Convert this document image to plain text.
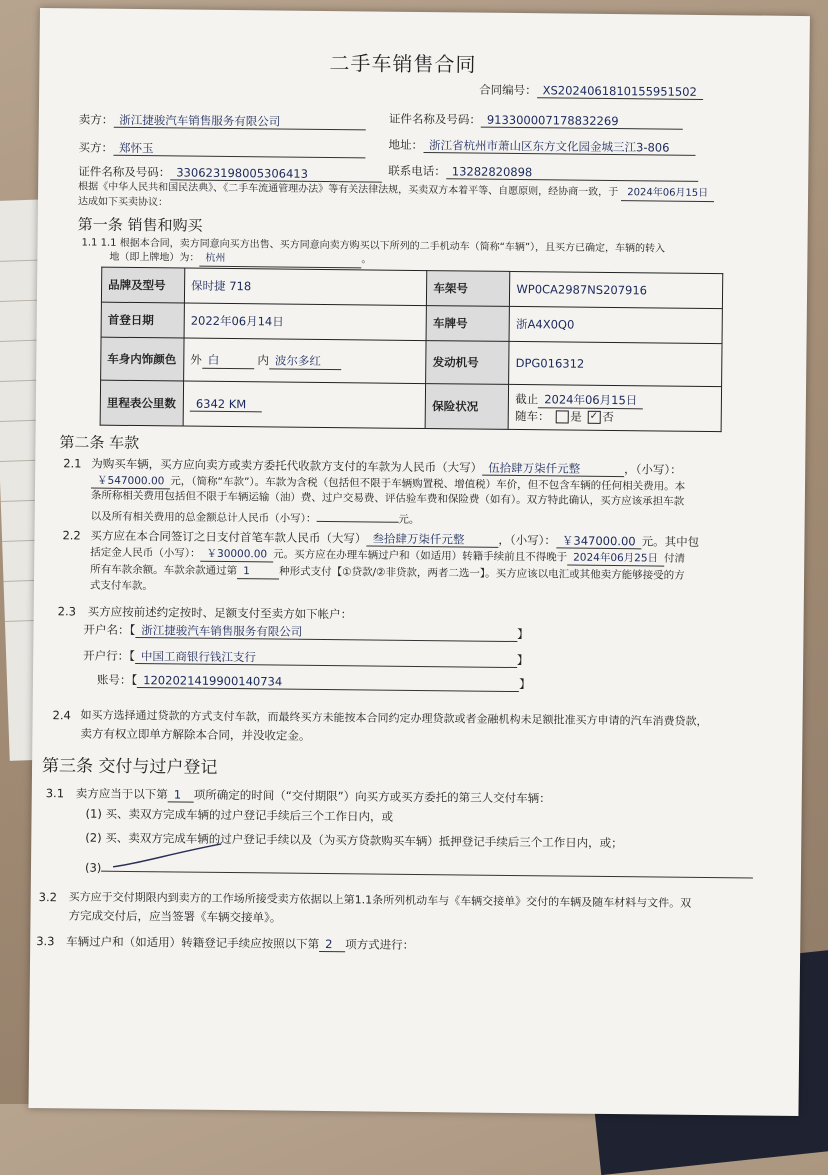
二手车销售合同
合同编号： XS2024061810155951502
卖方： 浙江捷骏汽车销售服务有限公司	证件名称及号码： 913300007178832269
买方： 郑怀玉	地址： 浙江省杭州市萧山区东方文化园金城三江3-806
证件名称及号码： 330623198005306413	联系电话： 13282820898
根据《中华人民共和国民法典》、《二手车流通管理办法》等有关法律法规，买卖双方本着平等、自愿原则，经协商一致，于 2024年06月15日
达成如下买卖协议：
第一条 销售和购买
1.1 1.1 根据本合同，卖方同意向买方出售、买方同意向卖方购买以下所列的二手机动车（简称“车辆”），且买方已确定，车辆的转入
地（即上牌地）为： 杭州	。
品牌及型号	保时捷 718	车架号	WP0CA2987NS207916
首登日期	2022年06月14日	车牌号	浙A4X0Q0
车身内饰颜色	外 白 内 波尔多红	发动机号	DPG016312
里程表公里数	6342 KM	保险状况	截止 2024年06月15日
随车： 是 ✓ 否
第二条 车款
2.1 为购买车辆，买方应向卖方或卖方委托代收款方支付的车款为人民币（大写） 伍拾肆万柒仟元整	，（小写）：
￥547000.00 元，（简称“车款”）。车款为含税（包括但不限于车辆购置税、增值税）车价，但不包含车辆的任何相关费用。本
条所称相关费用包括但不限于车辆运输（油）费、过户交易费、评估验车费和保险费（如有）。双方特此确认，买方应该承担车款
以及所有相关费用的总金额总计人民币（小写）：	元。
2.2 买方应在本合同签订之日支付首笔车款人民币（大写） 叁拾肆万柒仟元整	，（小写）： ￥347000.00 元。其中包
括定金人民币（小写）： ￥30000.00 元。买方应在办理车辆过户和（如适用）转籍手续前且不得晚于 2024年06月25日 付清
所有车款余额。车款余款通过第 1	种形式支付【①贷款/②非贷款，两者二选一】。买方应该以电汇或其他卖方能够接受的方
式支付车款。
2.3 买方应按前述约定按时、足额支付至卖方如下帐户：
开户名：【 浙江捷骏汽车销售服务有限公司	】
开户行：【 中国工商银行钱江支行	】
账号：【 1202021419900140734	】
2.4 如买方选择通过贷款的方式支付车款，而最终买方未能按本合同约定办理贷款或者金融机构未足额批准买方申请的汽车消费贷款，
卖方有权立即单方解除本合同，并没收定金。
第三条 交付与过户登记
3.1 卖方应当于以下第 1 项所确定的时间（“交付期限”）向买方或买方委托的第三人交付车辆：
(1) 买、卖双方完成车辆的过户登记手续后三个工作日内，或
(2) 买、卖双方完成车辆的过户登记手续以及（为买方贷款购买车辆）抵押登记手续后三个工作日内，或；
(3)
3.2 买方应于交付期限内到卖方的工作场所接受卖方依据以上第1.1条所列机动车与《车辆交接单》交付的车辆及随车材料与文件。双
方完成交付后，应当签署《车辆交接单》。
3.3 车辆过户和（如适用）转籍登记手续应按照以下第 2 项方式进行：
